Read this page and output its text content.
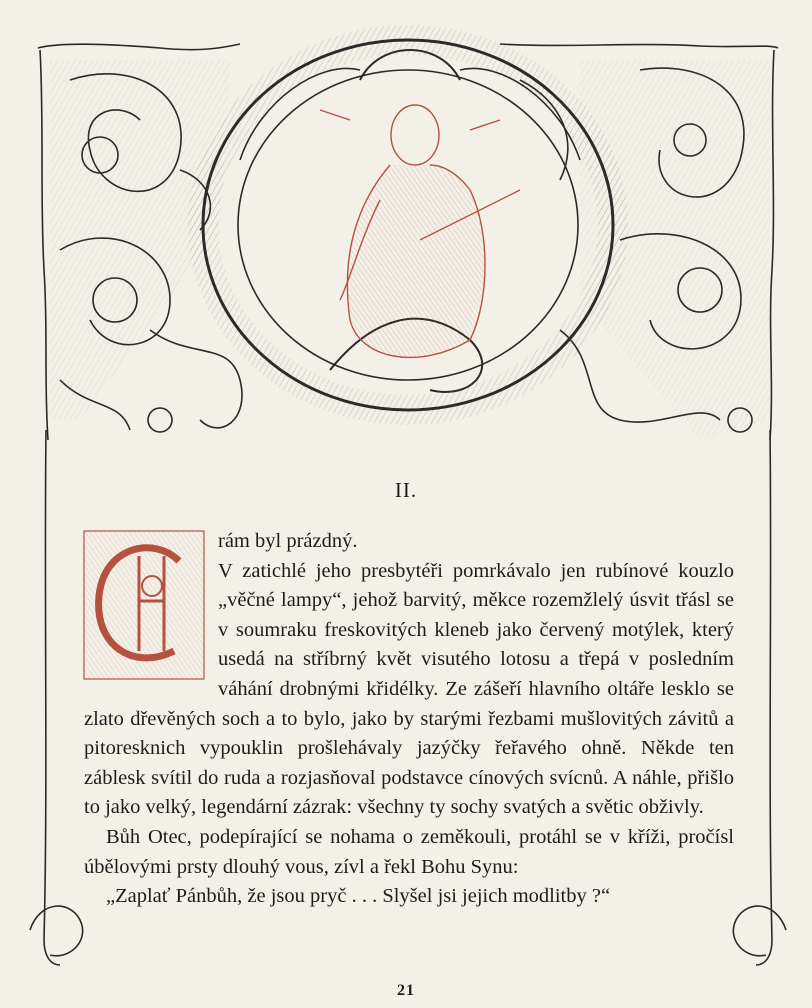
II.

rám byl prázdný.

V zatichlé jeho presbytéři pomrkávalo jen rubínové kouzlo „věčné lampy“, jehož barvitý, měkce rozemžlelý úsvit třásl se v soumraku freskovitých kleneb jako červený motýlek, který usedá na stříbrný květ visutého lotosu a třepá v posledním váhání drobnými křidélky. Ze zášeří hlavního oltáře lesklo se zlato dřevěných soch a to bylo, jako by starými řezbami mušlovitých závitů a pitoresknich vypouklin prošlehávaly jazýčky řeřavého ohně. Někde ten záblesk svítil do ruda a rozjasňoval podstavce cínových svícnů. A náhle, přišlo to jako velký, legendární zázrak: všechny ty sochy svatých a světic obživly.

Bůh Otec, podepírající se nohama o zeměkouli, protáhl se v kříži, pročísl úbělovými prsty dlouhý vous, zívl a řekl Bohu Synu:

„Zaplať Pánbůh, že jsou pryč . . . Slyšel jsi jejich modlitby ?“

21
